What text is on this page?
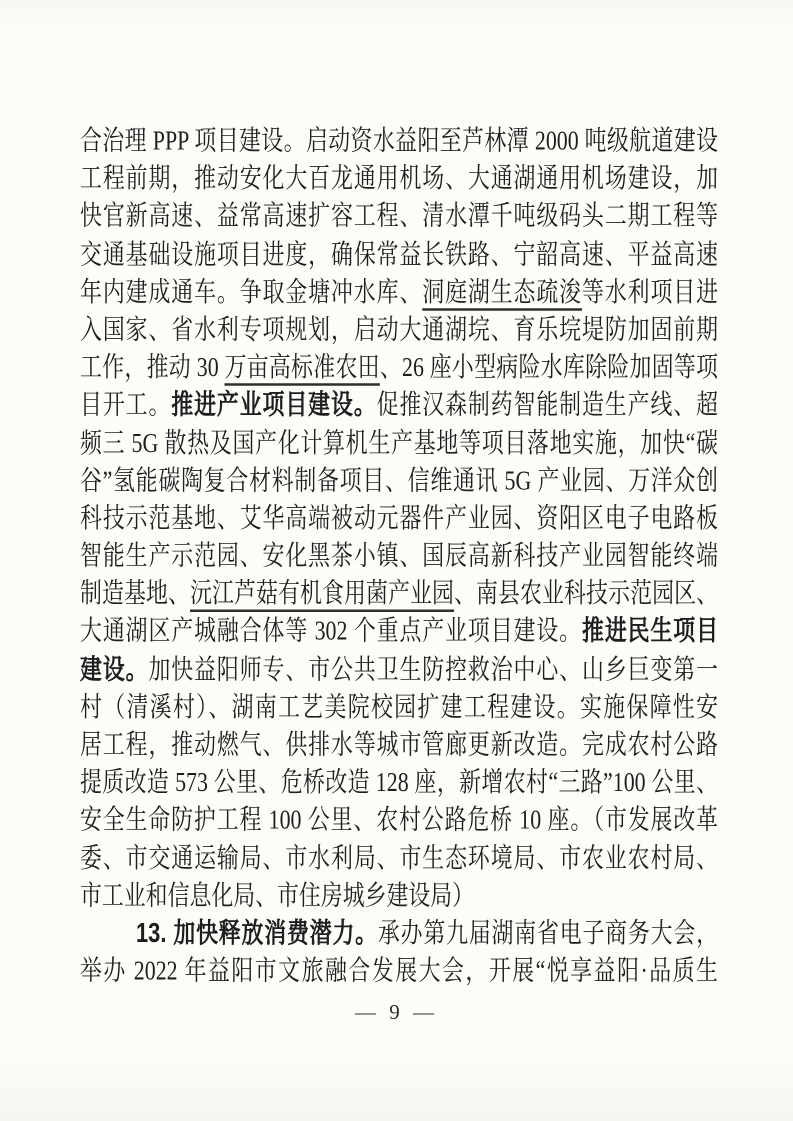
合治理 PPP 项目建设。启动资水益阳至芦林潭 2000 吨级航道建设
工程前期，推动安化大百龙通用机场、大通湖通用机场建设，加
快官新高速、益常高速扩容工程、清水潭千吨级码头二期工程等
交通基础设施项目进度，确保常益长铁路、宁韶高速、平益高速
年内建成通车。争取金塘冲水库、洞庭湖生态疏浚等水利项目进
入国家、省水利专项规划，启动大通湖垸、育乐垸堤防加固前期
工作，推动 30 万亩高标准农田、26 座小型病险水库除险加固等项
目开工。推进产业项目建设。促推汉森制药智能制造生产线、超
频三 5G 散热及国产化计算机生产基地等项目落地实施，加快“碳
谷”氢能碳陶复合材料制备项目、信维通讯 5G 产业园、万洋众创
科技示范基地、艾华高端被动元器件产业园、资阳区电子电路板
智能生产示范园、安化黑茶小镇、国辰高新科技产业园智能终端
制造基地、沅江芦菇有机食用菌产业园、南县农业科技示范园区、
大通湖区产城融合体等 302 个重点产业项目建设。推进民生项目
建设。加快益阳师专、市公共卫生防控救治中心、山乡巨变第一
村（清溪村）、湖南工艺美院校园扩建工程建设。实施保障性安
居工程，推动燃气、供排水等城市管廊更新改造。完成农村公路
提质改造 573 公里、危桥改造 128 座，新增农村“三路”100 公里、
安全生命防护工程 100 公里、农村公路危桥 10 座。（市发展改革
委、市交通运输局、市水利局、市生态环境局、市农业农村局、
市工业和信息化局、市住房城乡建设局）
13. 加快释放消费潜力。承办第九届湖南省电子商务大会，
举办 2022 年益阳市文旅融合发展大会，开展“悦享益阳·品质生
— 9 —
